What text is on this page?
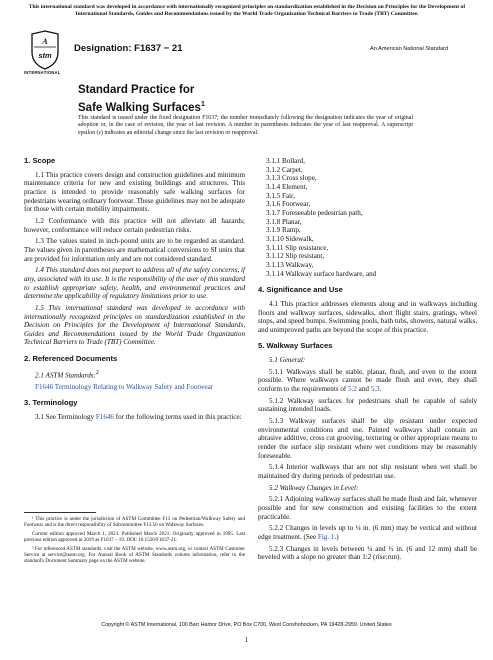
This international standard was developed in accordance with internationally recognized principles on standardization established in the Decision on Principles for the Development of International Standards, Guides and Recommendations issued by the World Trade Organization Technical Barriers to Trade (TBT) Committee.
A
stm
INTERNATIONAL
Designation: F1637 − 21	An American National Standard
Standard Practice for
Safe Walking Surfaces$^1$
This standard is issued under the fixed designation F1637; the number immediately following the designation indicates the year of original adoption or, in the case of revision, the year of last revision. A number in parentheses indicates the year of last reapproval. A superscript epsilon (ε) indicates an editorial change since the last revision or reapproval.

1. Scope

1.1 This practice covers design and construction guidelines and minimum maintenance criteria for new and existing buildings and structures. This practice is intended to provide reasonably safe walking surfaces for pedestrians wearing ordinary footwear. These guidelines may not be adequate for those with certain mobility impairments.

1.2 Conformance with this practice will not alleviate all hazards; however, conformance will reduce certain pedestrian risks.

1.3 The values stated in inch-pound units are to be regarded as standard. The values given in parentheses are mathematical conversions to SI units that are provided for information only and are not considered standard.

1.4 This standard does not purport to address all of the safety concerns, if any, associated with its use. It is the responsibility of the user of this standard to establish appropriate safety, health, and environmental practices and determine the applicability of regulatory limitations prior to use.

1.5 This international standard was developed in accordance with internationally recognized principles on standardization established in the Decision on Principles for the Development of International Standards, Guides and Recommendations issued by the World Trade Organization Technical Barriers to Trade (TBT) Committee.

2. Referenced Documents

2.1 ASTM Standards:$^2$

F1646 Terminology Relating to Walkway Safety and Footwear

3. Terminology

3.1 See Terminology F1646 for the following terms used in this practice:

¹ This practice is under the jurisdiction of ASTM Committee F13 on Pedestrian/Walkway Safety and Footwear and is the direct responsibility of Subcommittee F13.50 on Walkway Surfaces.

Current edition approved March 1, 2021. Published March 2021. Originally approved in 1995. Last previous edition approved in 2019 as F1637 – 19. DOI: 10.1520/F1637-21.

² For referenced ASTM standards, visit the ASTM website, www.astm.org, or contact ASTM Customer Service at service@astm.org. For Annual Book of ASTM Standards volume information, refer to the standard's Document Summary page on the ASTM website.

3.1.1 Bollard,

3.1.2 Carpet,

3.1.3 Cross slope,

3.1.4 Element,

3.1.5 Fair,

3.1.6 Footwear,

3.1.7 Foreseeable pedestrian path,

3.1.8 Planar,

3.1.9 Ramp,

3.1.10 Sidewalk,

3.1.11 Slip resistance,

3.1.12 Slip resistant,

3.1.13 Walkway,

3.1.14 Walkway surface hardware, and

4. Significance and Use

4.1 This practice addresses elements along and in walkways including floors and walkway surfaces, sidewalks, short flight stairs, gratings, wheel stops, and speed bumps. Swimming pools, bath tubs, showers, natural walks, and unimproved paths are beyond the scope of this practice.

5. Walkway Surfaces

5.1 General:

5.1.1 Walkways shall be stable, planar, flush, and even to the extent possible. Where walkways cannot be made flush and even, they shall conform to the requirements of 5.2 and 5.3.

5.1.2 Walkway surfaces for pedestrians shall be capable of safely sustaining intended loads.

5.1.3 Walkway surfaces shall be slip resistant under expected environmental conditions and use. Painted walkways shall contain an abrasive additive, cross cut grooving, texturing or other appropriate means to render the surface slip resistant where wet conditions may be reasonably foreseeable.

5.1.4 Interior walkways that are not slip resistant when wet shall be maintained dry during periods of pedestrian use.

5.2 Walkway Changes in Level:

5.2.1 Adjoining walkway surfaces shall be made flush and fair, whenever possible and for new construction and existing facilities to the extent practicable.

5.2.2 Changes in levels up to ¼ in. (6 mm) may be vertical and without edge treatment. (See Fig. 1.)

5.2.3 Changes in levels between ¼ and ½ in. (6 and 12 mm) shall be beveled with a slope no greater than 1:2 (rise:run).

Copyright © ASTM International, 100 Barr Harbor Drive, PO Box C700, West Conshohocken, PA 19428-2959. United States
1
